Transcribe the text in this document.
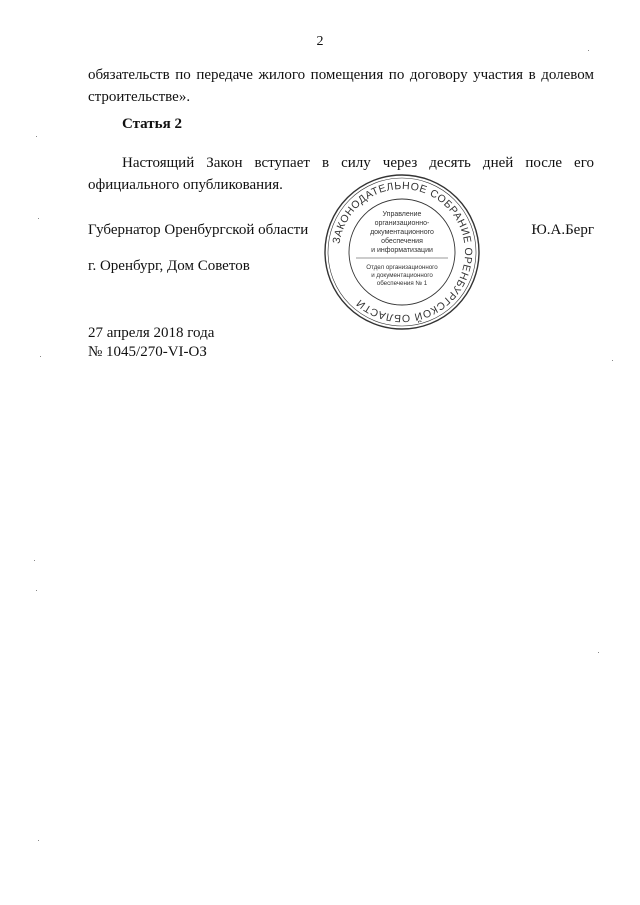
2
обязательств по передаче жилого помещения по договору участия в долевом строительстве».
Статья 2
Настоящий Закон вступает в силу через десять дней после его официального опубликования.
Губернатор Оренбургской области	Ю.А.Берг
г. Оренбург, Дом Советов
27 апреля 2018 года
№ 1045/270-VI-ОЗ
ЗАКОНОДАТЕЛЬНОЕ СОБРАНИЕ ОРЕНБУРГСКОЙ ОБЛАСТИ
Управление
организационно-
документационного
обеспечения
и информатизации
Отдел организационного
и документационного
обеспечения № 1
